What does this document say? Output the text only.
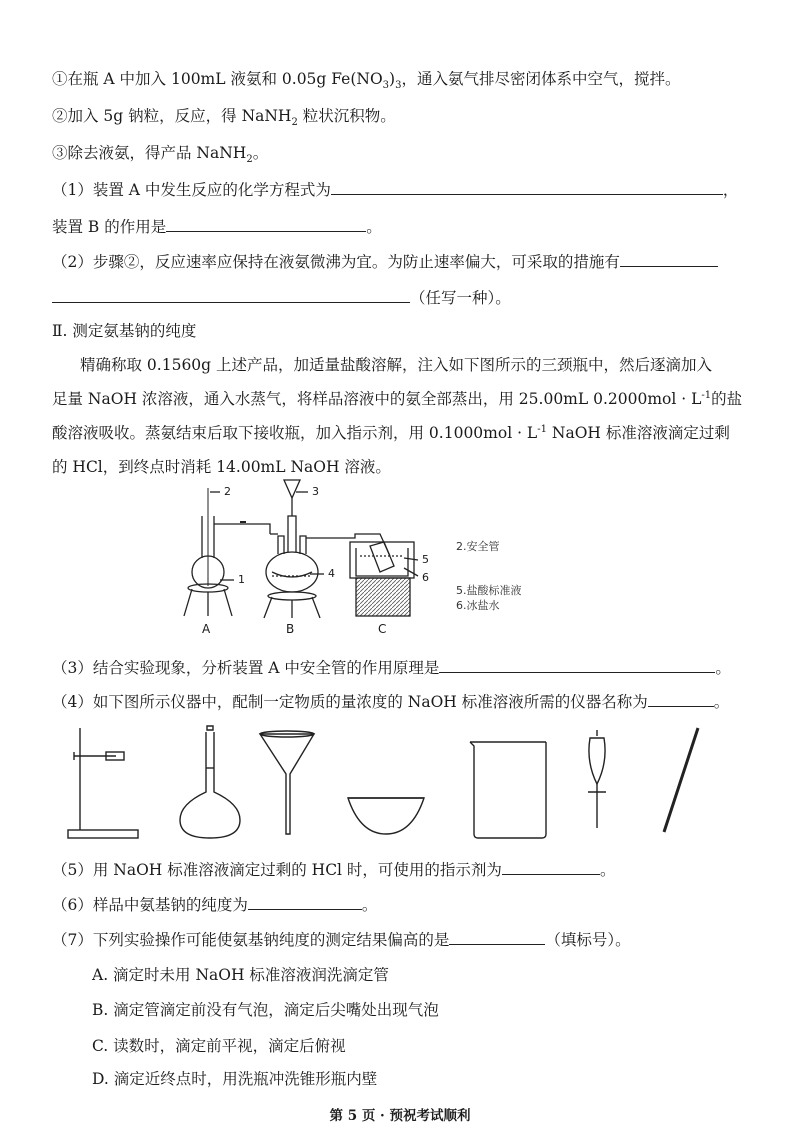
①在瓶 A 中加入 100mL 液氨和 0.05g $Fe(NO_3)_3$，通入氨气排尽密闭体系中空气，搅拌。
②加入 5g 钠粒，反应，得 NaNH$_2$ 粒状沉积物。
③除去液氨，得产品 NaNH$_2$。
（1）装置 A 中发生反应的化学方程式为	，
装置 B 的作用是	。
（2）步骤②，反应速率应保持在液氨微沸为宜。为防止速率偏大，可采取的措施有
（任写一种）。
Ⅱ. 测定氨基钠的纯度
精确称取 0.1560g 上述产品，加适量盐酸溶解，注入如下图所示的三颈瓶中，然后逐滴加入
足量 NaOH 浓溶液，通入水蒸气，将样品溶液中的氨全部蒸出，用 25.00mL $0.2000mol \cdot L^{-1}$的盐
酸溶液吸收。蒸氨结束后取下接收瓶，加入指示剂，用 $0.1000mol \cdot L^{-1}$ NaOH 标准溶液滴定过剩
的 HCl，到终点时消耗 14.00mL NaOH 溶液。
A	B	C
1
2	3
4
5
6
2.安全管
5.盐酸标准液
6.冰盐水
（3）结合实验现象，分析装置 A 中安全管的作用原理是	。
（4）如下图所示仪器中，配制一定物质的量浓度的 NaOH 标准溶液所需的仪器名称为	。
（5）用 NaOH 标准溶液滴定过剩的 HCl 时，可使用的指示剂为	。
（6）样品中氨基钠的纯度为	。
（7）下列实验操作可能使氨基钠纯度的测定结果偏高的是	（填标号）。
A. 滴定时未用 NaOH 标准溶液润洗滴定管
B. 滴定管滴定前没有气泡，滴定后尖嘴处出现气泡
C. 读数时，滴定前平视，滴定后俯视
D. 滴定近终点时，用洗瓶冲洗锥形瓶内壁
第 5 页 · 预祝考试顺利
